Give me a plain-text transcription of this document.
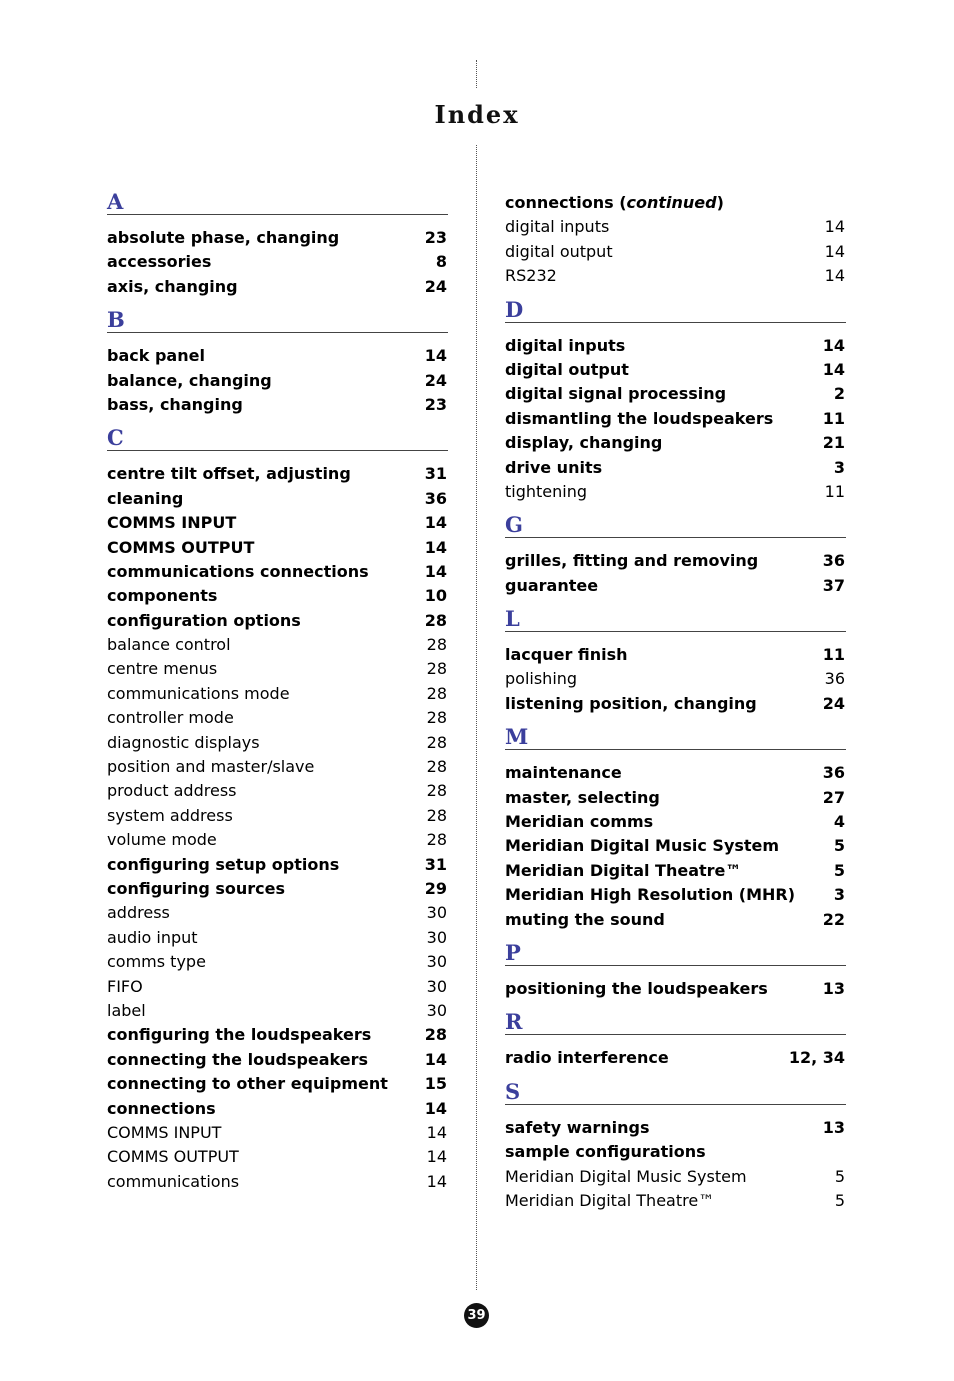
Index
A
absolute phase, changing	23
accessories	8
axis, changing	24
B
back panel	14
balance, changing	24
bass, changing	23
C
centre tilt offset, adjusting	31
cleaning	36
COMMS INPUT	14
COMMS OUTPUT	14
communications connections	14
components	10
configuration options	28
balance control	28
centre menus	28
communications mode	28
controller mode	28
diagnostic displays	28
position and master/slave	28
product address	28
system address	28
volume mode	28
configuring setup options	31
configuring sources	29
address	30
audio input	30
comms type	30
FIFO	30
label	30
configuring the loudspeakers	28
connecting the loudspeakers	14
connecting to other equipment 15
connections	14
COMMS INPUT	14
COMMS OUTPUT	14
communications	14
connections (continued)
digital inputs	14
digital output	14
RS232	14
D
digital inputs	14
digital output	14
digital signal processing	2
dismantling the loudspeakers	11
display, changing	21
drive units	3
tightening	11
G
grilles, fitting and removing	36
guarantee	37
L
lacquer finish	11
polishing	36
listening position, changing	24
M
maintenance	36
master, selecting	27
Meridian comms	4
Meridian Digital Music System	5
Meridian Digital Theatre™	5
Meridian High Resolution (MHR) 3
muting the sound	22
P
positioning the loudspeakers	13
R
radio interference	12, 34
S
safety warnings	13
sample configurations
Meridian Digital Music System	5
Meridian Digital Theatre™	5
39
